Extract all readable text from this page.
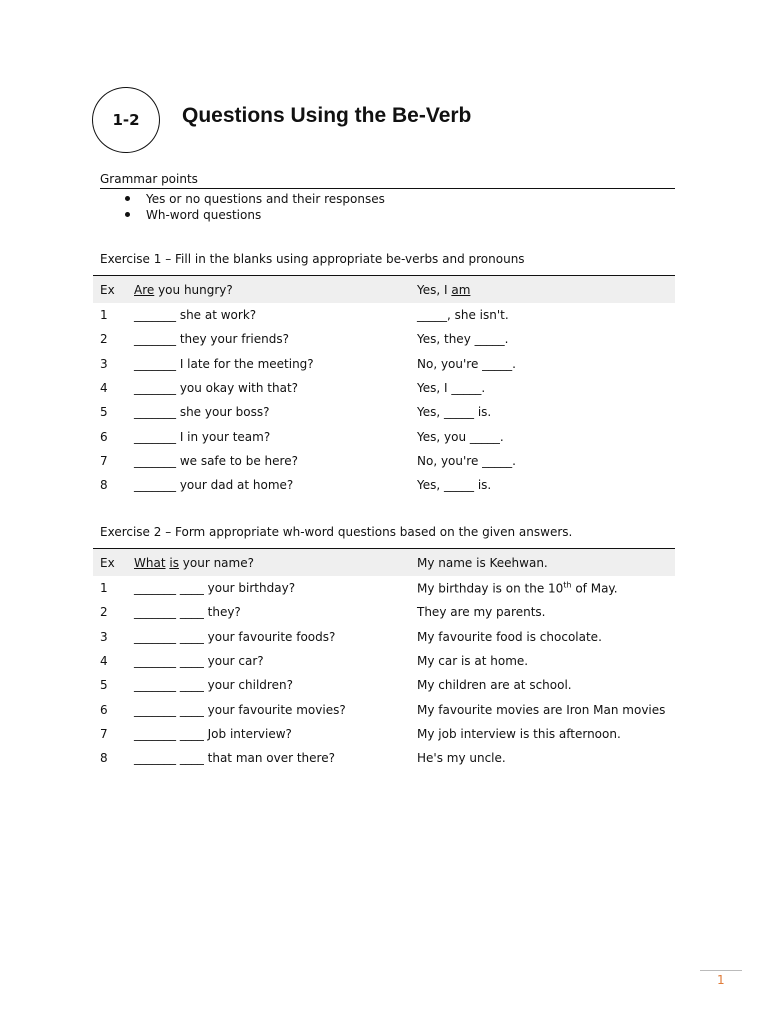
1-2 Questions Using the Be-Verb
Grammar points
Yes or no questions and their responses
Wh-word questions
Exercise 1 – Fill in the blanks using appropriate be-verbs and pronouns
Ex Are you hungry?	Yes, I am
1 _______ she at work?	_____, she isn't.
2 _______ they your friends?	Yes, they _____.
3 _______ I late for the meeting?	No, you're _____.
4 _______ you okay with that?	Yes, I _____.
5 _______ she your boss?	Yes, _____ is.
6 _______ I in your team?	Yes, you _____.
7 _______ we safe to be here?	No, you're _____.
8 _______ your dad at home?	Yes, _____ is.
Exercise 2 – Form appropriate wh-word questions based on the given answers.
Ex What is your name?	My name is Keehwan.
1 _______ ____ your birthday?	My birthday is on the 10th of May.
2 _______ ____ they?	They are my parents.
3 _______ ____ your favourite foods?	My favourite food is chocolate.
4 _______ ____ your car?	My car is at home.
5 _______ ____ your children?	My children are at school.
6 _______ ____ your favourite movies?	My favourite movies are Iron Man movies
7 _______ ____ Job interview?	My job interview is this afternoon.
8 _______ ____ that man over there?	He's my uncle.
1
